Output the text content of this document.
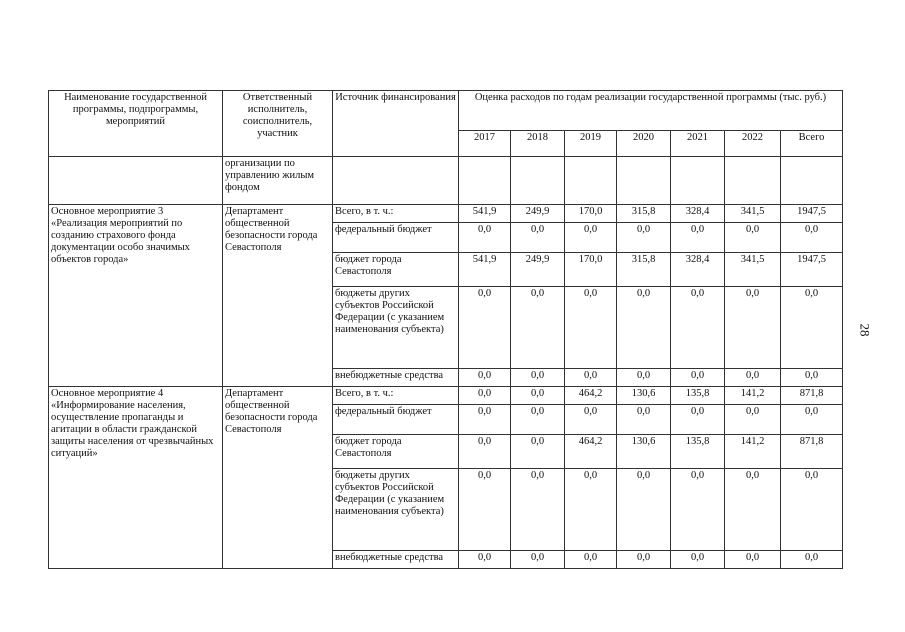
28
Наименование государственной программы, подпрограммы, мероприятий	Ответственный исполнитель, соисполнитель, участник	Источник финансирования	Оценка расходов по годам реализации государственной программы (тыс. руб.)						
			2017	2018	2019	2020	2021	2022	Всего
	организации по управлению жилым фондом								
Основное мероприятие 3 «Реализация мероприятий по созданию страхового фонда документации особо значимых объектов города»	Департамент общественной безопасности города Севастополя	Всего, в т. ч.:	541,9	249,9	170,0	315,8	328,4	341,5	1947,5
		федеральный бюджет	0,0	0,0	0,0	0,0	0,0	0,0	0,0
		бюджет города Севастополя	541,9	249,9	170,0	315,8	328,4	341,5	1947,5
		бюджеты других субъектов Российской Федерации (с указанием наименования субъекта)	0,0	0,0	0,0	0,0	0,0	0,0	0,0
		внебюджетные средства	0,0	0,0	0,0	0,0	0,0	0,0	0,0
Основное мероприятие 4 «Информирование населения, осуществление пропаганды и агитации в области гражданской защиты населения от чрезвычайных ситуаций»	Департамент общественной безопасности города Севастополя	Всего, в т. ч.:	0,0	0,0	464,2	130,6	135,8	141,2	871,8
		федеральный бюджет	0,0	0,0	0,0	0,0	0,0	0,0	0,0
		бюджет города Севастополя	0,0	0,0	464,2	130,6	135,8	141,2	871,8
		бюджеты других субъектов Российской Федерации (с указанием наименования субъекта)	0,0	0,0	0,0	0,0	0,0	0,0	0,0
		внебюджетные средства	0,0	0,0	0,0	0,0	0,0	0,0	0,0
